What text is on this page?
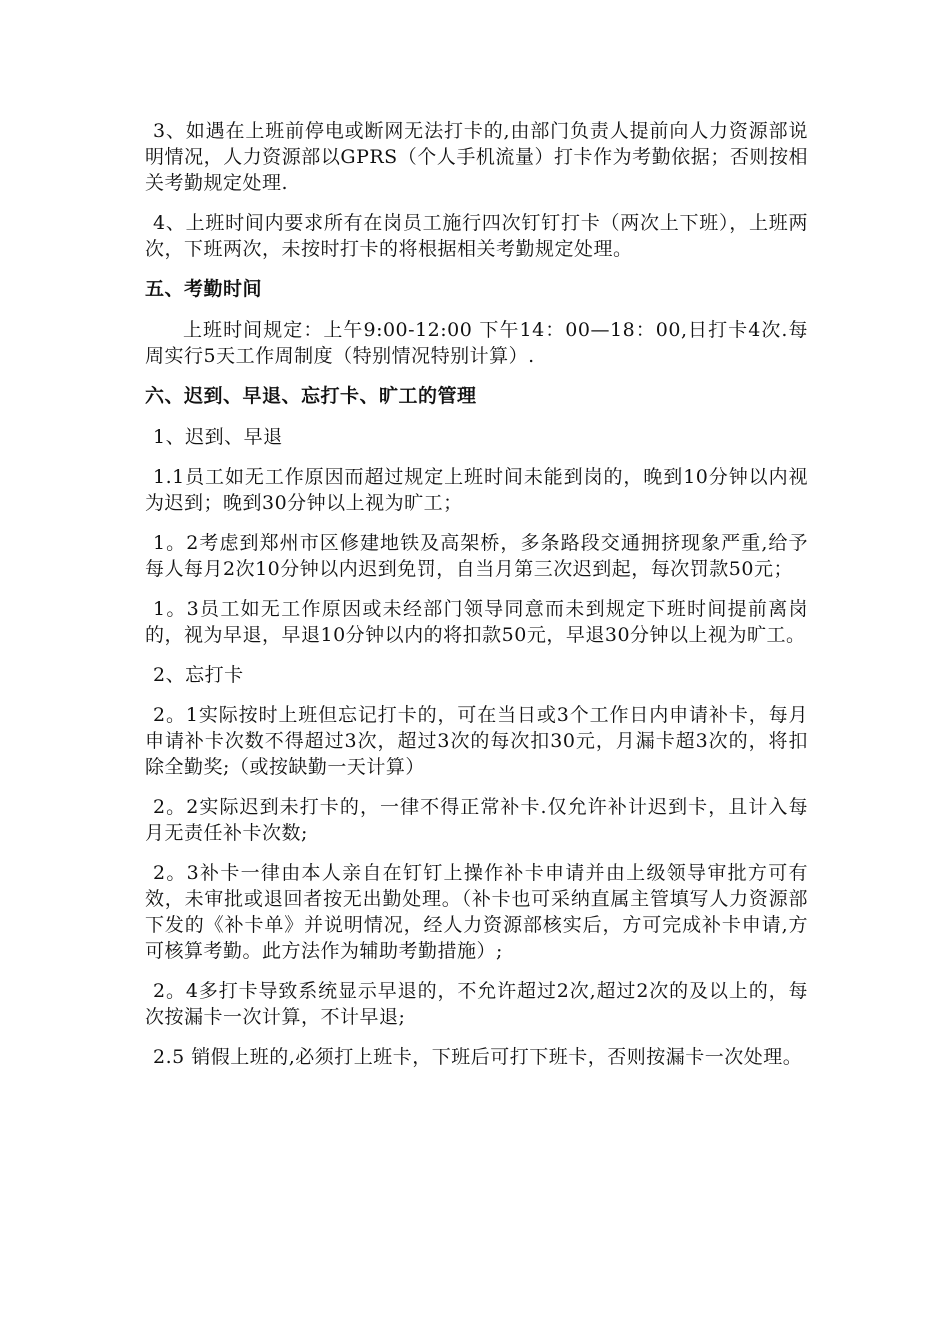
3、如遇在上班前停电或断网无法打卡的,由部门负责人提前向人力资源部说明情况，人力资源部以GPRS（个人手机流量）打卡作为考勤依据；否则按相关考勤规定处理.

4、上班时间内要求所有在岗员工施行四次钉钉打卡（两次上下班），上班两次，下班两次，未按时打卡的将根据相关考勤规定处理。

五、考勤时间

上班时间规定：上午9:00-12:00 下午14：00—18：00,日打卡4次.每周实行5天工作周制度（特别情况特别计算）.

六、迟到、早退、忘打卡、旷工的管理

1、迟到、早退

1.1员工如无工作原因而超过规定上班时间未能到岗的，晚到10分钟以内视为迟到；晚到30分钟以上视为旷工；

1。2考虑到郑州市区修建地铁及高架桥，多条路段交通拥挤现象严重,给予每人每月2次10分钟以内迟到免罚，自当月第三次迟到起，每次罚款50元；

1。3员工如无工作原因或未经部门领导同意而未到规定下班时间提前离岗的，视为早退，早退10分钟以内的将扣款50元，早退30分钟以上视为旷工。

2、忘打卡

2。1实际按时上班但忘记打卡的，可在当日或3个工作日内申请补卡，每月申请补卡次数不得超过3次，超过3次的每次扣30元，月漏卡超3次的，将扣除全勤奖;（或按缺勤一天计算）

2。2实际迟到未打卡的，一律不得正常补卡.仅允许补计迟到卡，且计入每月无责任补卡次数;

2。3补卡一律由本人亲自在钉钉上操作补卡申请并由上级领导审批方可有效，未审批或退回者按无出勤处理。（补卡也可采纳直属主管填写人力资源部下发的《补卡单》并说明情况，经人力资源部核实后，方可完成补卡申请,方可核算考勤。此方法作为辅助考勤措施）;

2。4多打卡导致系统显示早退的，不允许超过2次,超过2次的及以上的，每次按漏卡一次计算，不计早退;

2.5 销假上班的,必须打上班卡，下班后可打下班卡，否则按漏卡一次处理。
